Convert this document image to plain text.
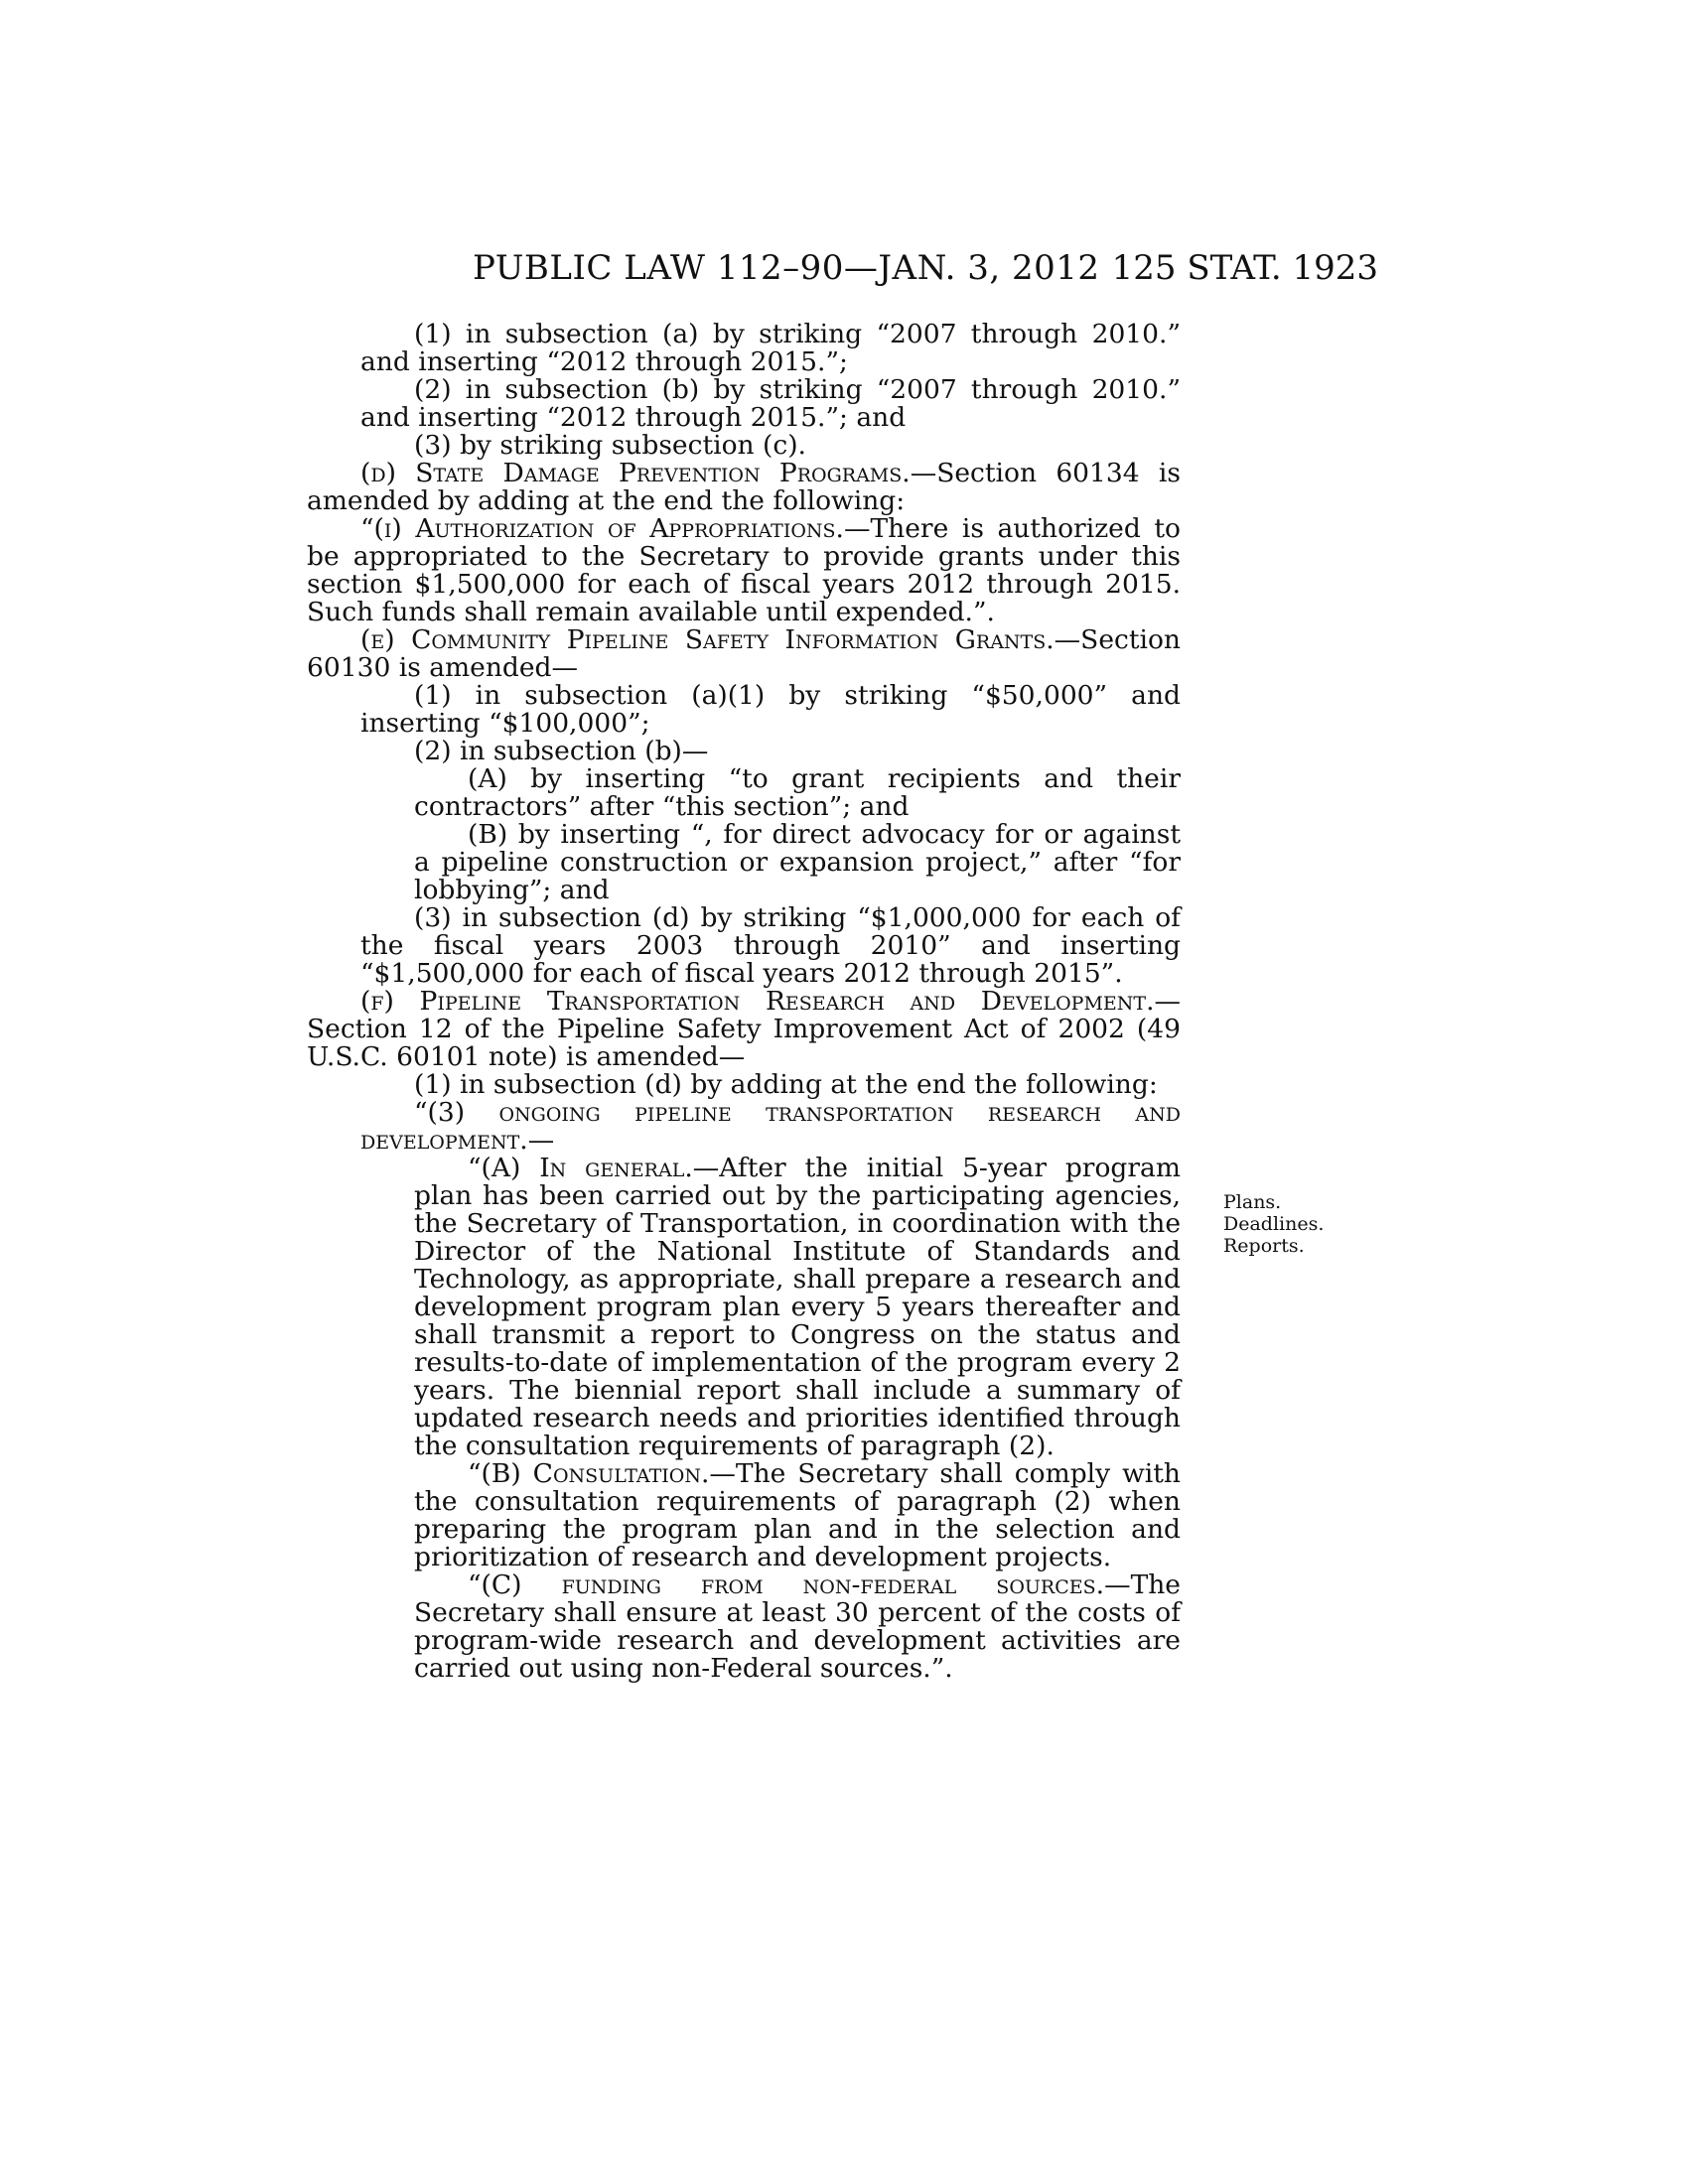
PUBLIC LAW 112–90—JAN. 3, 2012 125 STAT. 1923

(1) in subsection (a) by striking “2007 through 2010.” and inserting “2012 through 2015.”;

(2) in subsection (b) by striking “2007 through 2010.” and inserting “2012 through 2015.”; and

(3) by striking subsection (c).

(d) State Damage Prevention Programs.—Section 60134 is amended by adding at the end the following:

“(i) Authorization of Appropriations.—There is authorized to be appropriated to the Secretary to provide grants under this section $1,500,000 for each of fiscal years 2012 through 2015. Such funds shall remain available until expended.”.

(e) Community Pipeline Safety Information Grants.—Section 60130 is amended—

(1) in subsection (a)(1) by striking “$50,000” and inserting “$100,000”;

(2) in subsection (b)—

(A) by inserting “to grant recipients and their contractors” after “this section”; and

(B) by inserting “, for direct advocacy for or against a pipeline construction or expansion project,” after “for lobbying”; and

(3) in subsection (d) by striking “$1,000,000 for each of the fiscal years 2003 through 2010” and inserting “$1,500,000 for each of fiscal years 2012 through 2015”.

(f) Pipeline Transportation Research and Development.—Section 12 of the Pipeline Safety Improvement Act of 2002 (49 U.S.C. 60101 note) is amended—

(1) in subsection (d) by adding at the end the following:

“(3) ongoing pipeline transportation research and development.—

“(A) In general.—After the initial 5-year program plan has been carried out by the participating agencies, the Secretary of Transportation, in coordination with the Director of the National Institute of Standards and Technology, as appropriate, shall prepare a research and development program plan every 5 years thereafter and shall transmit a report to Congress on the status and results-to-date of implementation of the program every 2 years. The biennial report shall include a summary of updated research needs and priorities identified through the consultation requirements of paragraph (2).

“(B) Consultation.—The Secretary shall comply with the consultation requirements of paragraph (2) when preparing the program plan and in the selection and prioritization of research and development projects.

“(C) funding from non-federal sources.—The Secretary shall ensure at least 30 percent of the costs of program-wide research and development activities are carried out using non-Federal sources.”.

Plans.
Deadlines.
Reports.
